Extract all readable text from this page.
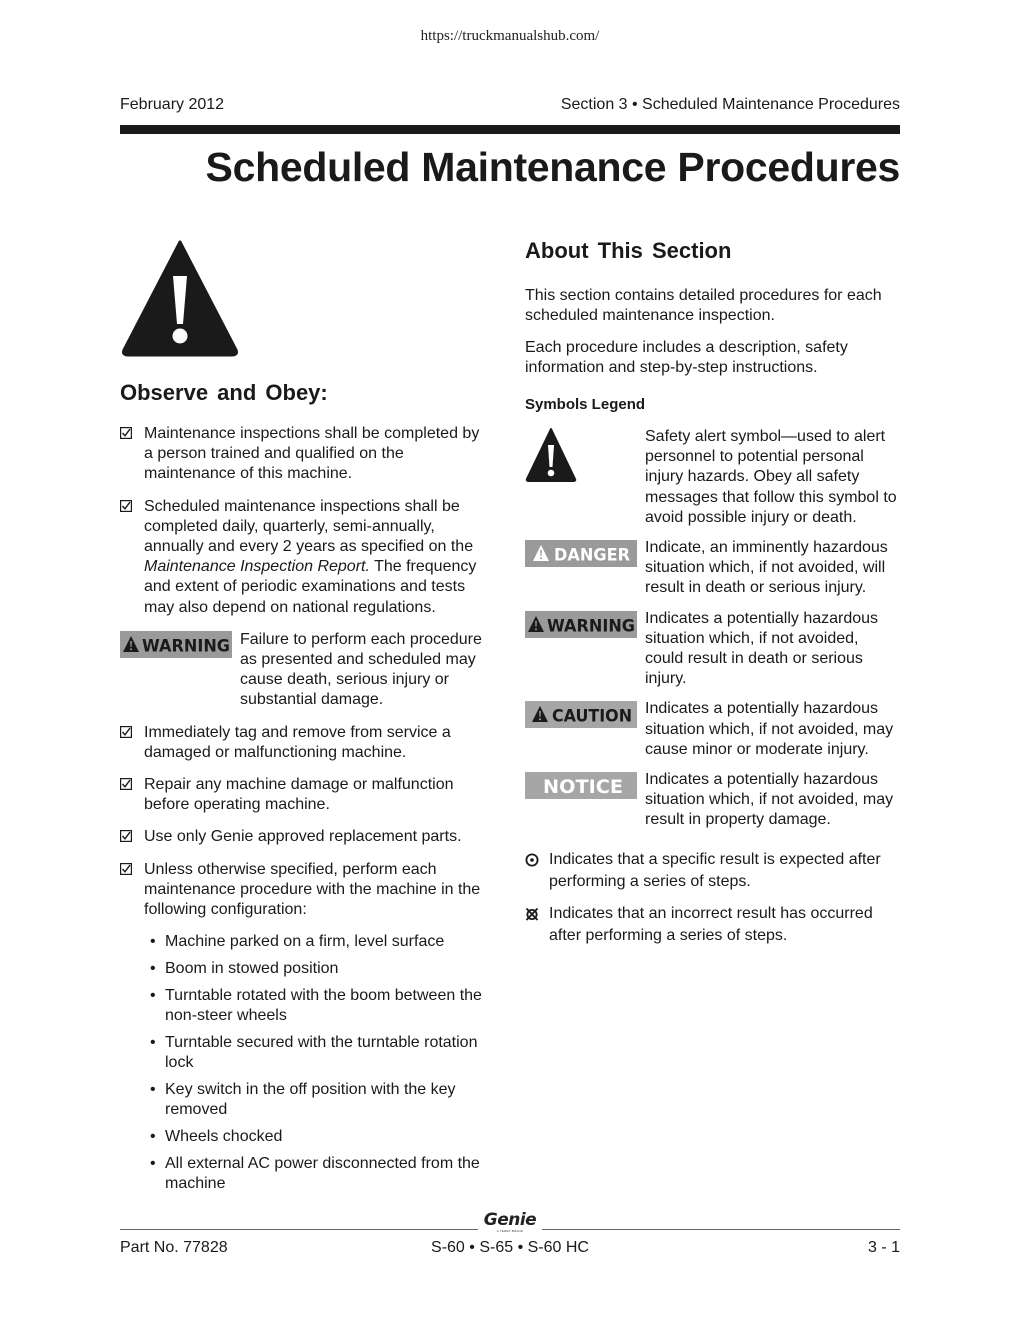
https://truckmanualshub.com/
February 2012	Section 3 • Scheduled Maintenance Procedures
Scheduled Maintenance Procedures
Observe and Obey:
Maintenance inspections shall be completed by a person trained and qualified on the maintenance of this machine.
Scheduled maintenance inspections shall be completed daily, quarterly, semi-annually, annually and every 2 years as specified on the Maintenance Inspection Report. The frequency and extent of periodic examinations and tests may also depend on national regulations.
WARNING Failure to perform each procedure as presented and scheduled may cause death, serious injury or substantial damage.
Immediately tag and remove from service a damaged or malfunctioning machine.
Repair any machine damage or malfunction before operating machine.
Use only Genie approved replacement parts.
Unless otherwise specified, perform each maintenance procedure with the machine in the following configuration:
• Machine parked on a firm, level surface
• Boom in stowed position
• Turntable rotated with the boom between the non-steer wheels
• Turntable secured with the turntable rotation lock
• Key switch in the off position with the key removed
• Wheels chocked
• All external AC power disconnected from the machine
About This Section

This section contains detailed procedures for each scheduled maintenance inspection.

Each procedure includes a description, safety information and step-by-step instructions.

Symbols Legend
Safety alert symbol—used to alert personnel to potential personal injury hazards. Obey all safety messages that follow this symbol to avoid possible injury or death.
DANGER Indicate, an imminently hazardous situation which, if not avoided, will result in death or serious injury.
WARNING Indicates a potentially hazardous situation which, if not avoided, could result in death or serious injury.
CAUTION Indicates a potentially hazardous situation which, if not avoided, may cause minor or moderate injury.
NOTICE Indicates a potentially hazardous situation which, if not avoided, may result in property damage.
Indicates that a specific result is expected after performing a series of steps.
Indicates that an incorrect result has occurred after performing a series of steps.
Genie
A TEREX BRAND
Part No. 77828	S-60 • S-65 • S-60 HC	3 - 1
